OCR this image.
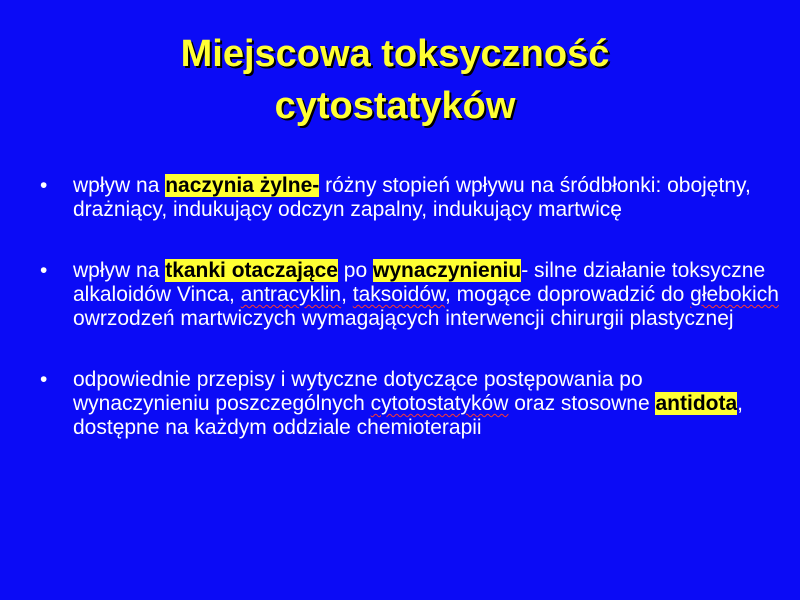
Miejscowa toksyczność
cytostatyków
• wpływ na naczynia żylne- różny stopień wpływu na śródbłonki: obojętny, drażniący, indukujący odczyn zapalny, indukujący martwicę
• wpływ na tkanki otaczające po wynaczynieniu- silne działanie toksyczne alkaloidów Vinca, antracyklin, taksoidów, mogące doprowadzić do głebokich owrzodzeń martwiczych wymagających interwencji chirurgii plastycznej
• odpowiednie przepisy i wytyczne dotyczące postępowania po wynaczynieniu poszczególnych cytotostatyków oraz stosowne antidota, dostępne na każdym oddziale chemioterapii
